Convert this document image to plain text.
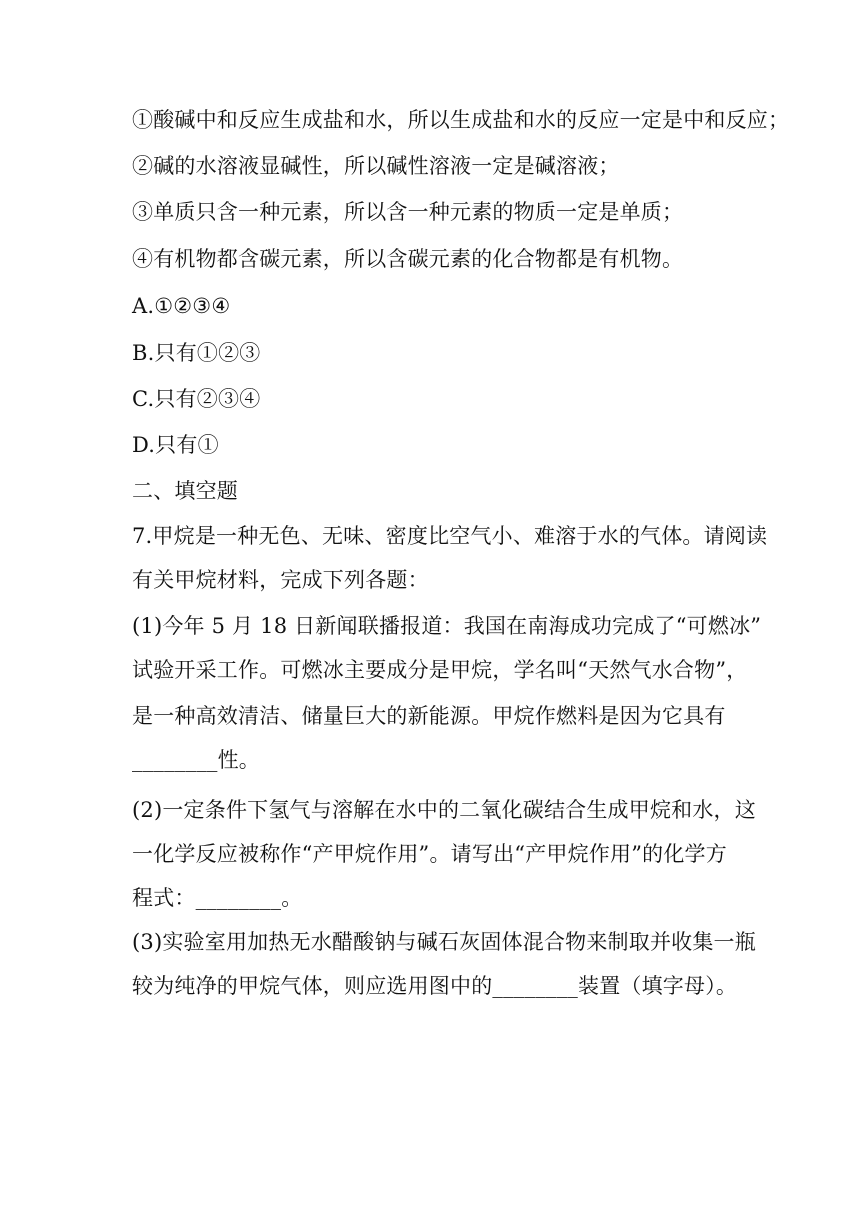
①酸碱中和反应生成盐和水，所以生成盐和水的反应一定是中和反应；
②碱的水溶液显碱性，所以碱性溶液一定是碱溶液；
③单质只含一种元素，所以含一种元素的物质一定是单质；
④有机物都含碳元素，所以含碳元素的化合物都是有机物。
A.①②③④
B.只有①②③
C.只有②③④
D.只有①
二、填空题
7.甲烷是一种无色、无味、密度比空气小、难溶于水的气体。请阅读
有关甲烷材料，完成下列各题：
(1)今年 5 月 18 日新闻联播报道：我国在南海成功完成了“可燃冰”
试验开采工作。可燃冰主要成分是甲烷，学名叫“天然气水合物”，
是一种高效清洁、储量巨大的新能源。甲烷作燃料是因为它具有
________性。
(2)一定条件下氢气与溶解在水中的二氧化碳结合生成甲烷和水，这
一化学反应被称作“产甲烷作用”。请写出“产甲烷作用”的化学方
程式：________。
(3)实验室用加热无水醋酸钠与碱石灰固体混合物来制取并收集一瓶
较为纯净的甲烷气体，则应选用图中的________装置（填字母）。
